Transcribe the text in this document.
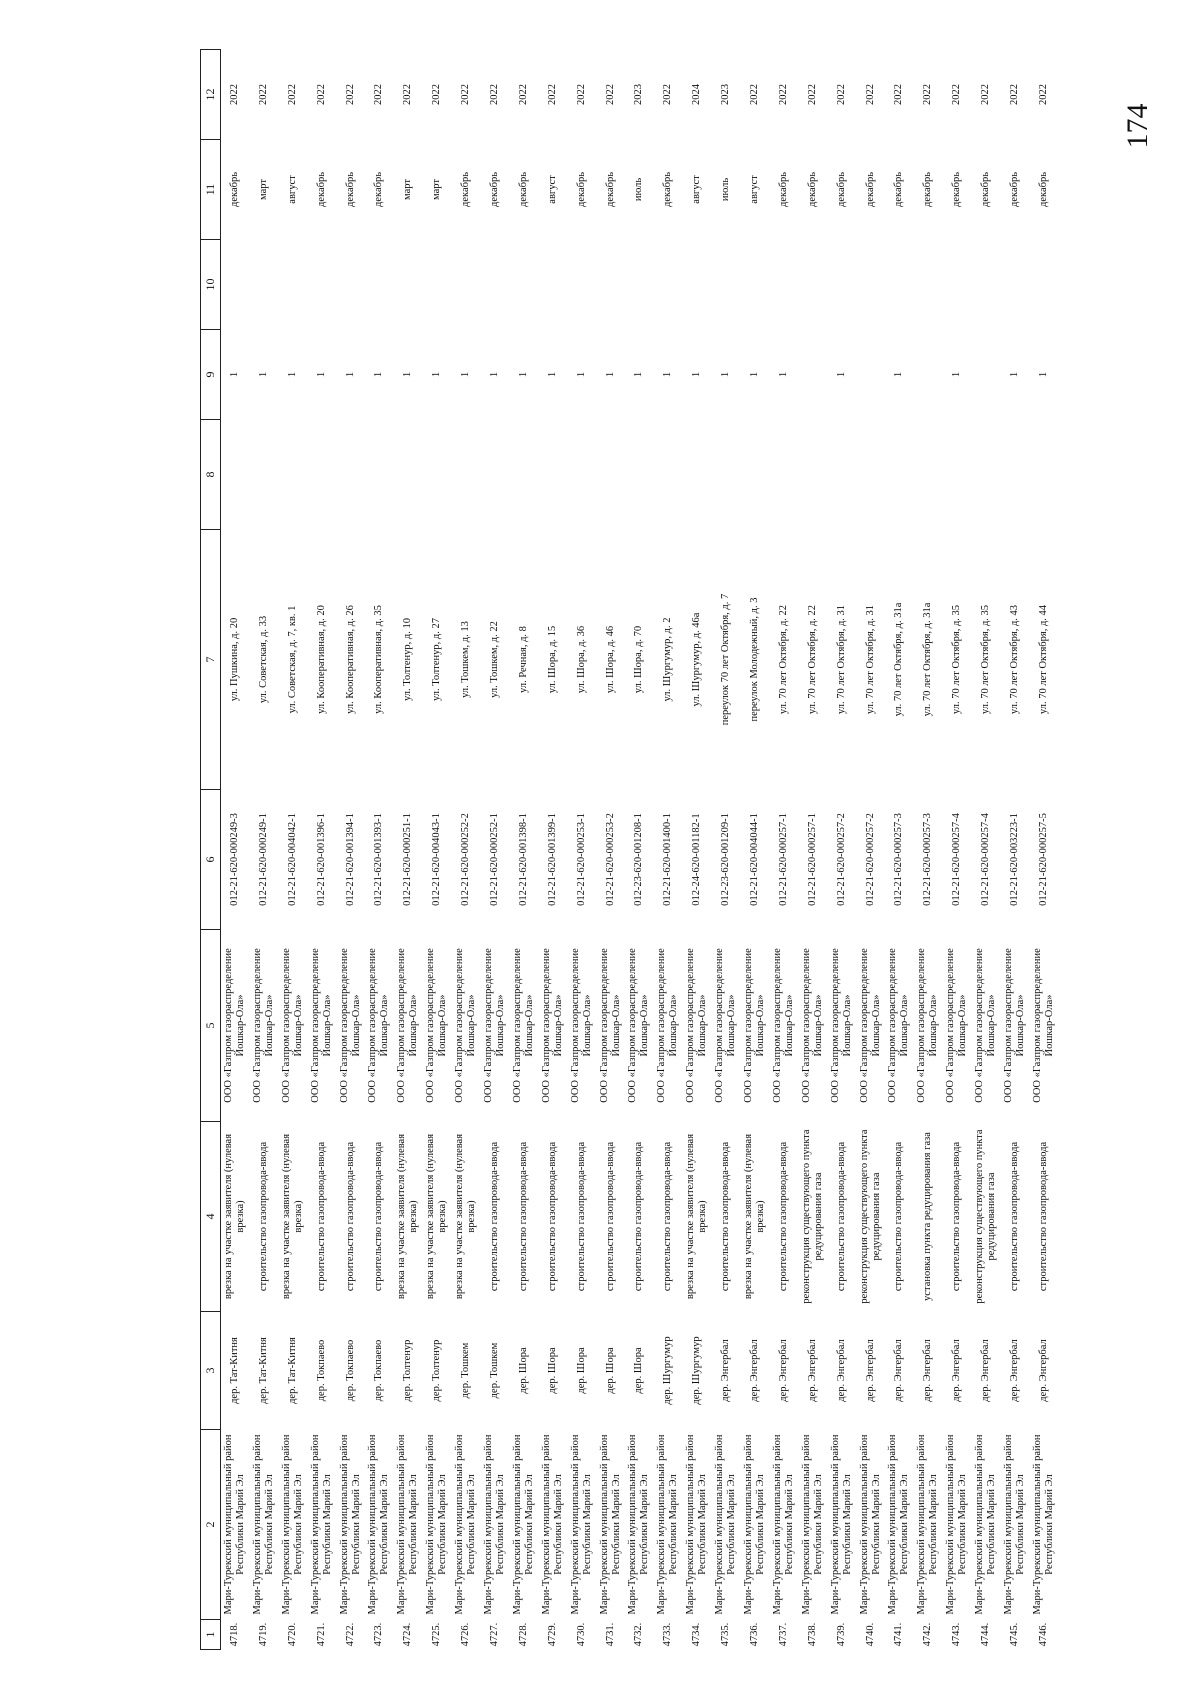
174
1	2	3	4	5	6	7	8	9	10	11	12
4718.	Мари-Турекский муниципальный район Республики Марий Эл	дер. Тат-Китня	врезка на участке заявителя (нулевая врезка)	ООО «Газпром газораспределение Йошкар-Ола»	012-21-620-000249-3	ул. Пушкина, д. 20		1		декабрь	2022
4719.	Мари-Турекский муниципальный район Республики Марий Эл	дер. Тат-Китня	строительство газопровода-ввода	ООО «Газпром газораспределение Йошкар-Ола»	012-21-620-000249-1	ул. Советская, д. 33		1		март	2022
4720.	Мари-Турекский муниципальный район Республики Марий Эл	дер. Тат-Китня	врезка на участке заявителя (нулевая врезка)	ООО «Газпром газораспределение Йошкар-Ола»	012-21-620-004042-1	ул. Советская, д. 7, кв. 1		1		август	2022
4721.	Мари-Турекский муниципальный район Республики Марий Эл	дер. Токпаево	строительство газопровода-ввода	ООО «Газпром газораспределение Йошкар-Ола»	012-21-620-001396-1	ул. Кооперативная, д. 20		1		декабрь	2022
4722.	Мари-Турекский муниципальный район Республики Марий Эл	дер. Токпаево	строительство газопровода-ввода	ООО «Газпром газораспределение Йошкар-Ола»	012-21-620-001394-1	ул. Кооперативная, д. 26		1		декабрь	2022
4723.	Мари-Турекский муниципальный район Республики Марий Эл	дер. Токпаево	строительство газопровода-ввода	ООО «Газпром газораспределение Йошкар-Ола»	012-21-620-001393-1	ул. Кооперативная, д. 35		1		декабрь	2022
4724.	Мари-Турекский муниципальный район Республики Марий Эл	дер. Толтенур	врезка на участке заявителя (нулевая врезка)	ООО «Газпром газораспределение Йошкар-Ола»	012-21-620-000251-1	ул. Толтенур, д. 10		1		март	2022
4725.	Мари-Турекский муниципальный район Республики Марий Эл	дер. Толтенур	врезка на участке заявителя (нулевая врезка)	ООО «Газпром газораспределение Йошкар-Ола»	012-21-620-004043-1	ул. Толтенур, д. 27		1		март	2022
4726.	Мари-Турекский муниципальный район Республики Марий Эл	дер. Тошкем	врезка на участке заявителя (нулевая врезка)	ООО «Газпром газораспределение Йошкар-Ола»	012-21-620-000252-2	ул. Тошкем, д. 13		1		декабрь	2022
4727.	Мари-Турекский муниципальный район Республики Марий Эл	дер. Тошкем	строительство газопровода-ввода	ООО «Газпром газораспределение Йошкар-Ола»	012-21-620-000252-1	ул. Тошкем, д. 22		1		декабрь	2022
4728.	Мари-Турекский муниципальный район Республики Марий Эл	дер. Шора	строительство газопровода-ввода	ООО «Газпром газораспределение Йошкар-Ола»	012-21-620-001398-1	ул. Речная, д. 8		1		декабрь	2022
4729.	Мари-Турекский муниципальный район Республики Марий Эл	дер. Шора	строительство газопровода-ввода	ООО «Газпром газораспределение Йошкар-Ола»	012-21-620-001399-1	ул. Шора, д. 15		1		август	2022
4730.	Мари-Турекский муниципальный район Республики Марий Эл	дер. Шора	строительство газопровода-ввода	ООО «Газпром газораспределение Йошкар-Ола»	012-21-620-000253-1	ул. Шора, д. 36		1		декабрь	2022
4731.	Мари-Турекский муниципальный район Республики Марий Эл	дер. Шора	строительство газопровода-ввода	ООО «Газпром газораспределение Йошкар-Ола»	012-21-620-000253-2	ул. Шора, д. 46		1		декабрь	2022
4732.	Мари-Турекский муниципальный район Республики Марий Эл	дер. Шора	строительство газопровода-ввода	ООО «Газпром газораспределение Йошкар-Ола»	012-23-620-001208-1	ул. Шора, д. 70		1		июль	2023
4733.	Мари-Турекский муниципальный район Республики Марий Эл	дер. Шургумур	строительство газопровода-ввода	ООО «Газпром газораспределение Йошкар-Ола»	012-21-620-001400-1	ул. Шургумур, д. 2		1		декабрь	2022
4734.	Мари-Турекский муниципальный район Республики Марий Эл	дер. Шургумур	врезка на участке заявителя (нулевая врезка)	ООО «Газпром газораспределение Йошкар-Ола»	012-24-620-001182-1	ул. Шургумур, д. 46а		1		август	2024
4735.	Мари-Турекский муниципальный район Республики Марий Эл	дер. Энгербал	строительство газопровода-ввода	ООО «Газпром газораспределение Йошкар-Ола»	012-23-620-001209-1	переулок 70 лет Октября, д. 7		1		июль	2023
4736.	Мари-Турекский муниципальный район Республики Марий Эл	дер. Энгербал	врезка на участке заявителя (нулевая врезка)	ООО «Газпром газораспределение Йошкар-Ола»	012-21-620-004044-1	переулок Молодежный, д. 3		1		август	2022
4737.	Мари-Турекский муниципальный район Республики Марий Эл	дер. Энгербал	строительство газопровода-ввода	ООО «Газпром газораспределение Йошкар-Ола»	012-21-620-000257-1	ул. 70 лет Октября, д. 22		1		декабрь	2022
4738.	Мари-Турекский муниципальный район Республики Марий Эл	дер. Энгербал	реконструкция существующего пункта редуцирования газа	ООО «Газпром газораспределение Йошкар-Ола»	012-21-620-000257-1	ул. 70 лет Октября, д. 22				декабрь	2022
4739.	Мари-Турекский муниципальный район Республики Марий Эл	дер. Энгербал	строительство газопровода-ввода	ООО «Газпром газораспределение Йошкар-Ола»	012-21-620-000257-2	ул. 70 лет Октября, д. 31		1		декабрь	2022
4740.	Мари-Турекский муниципальный район Республики Марий Эл	дер. Энгербал	реконструкция существующего пункта редуцирования газа	ООО «Газпром газораспределение Йошкар-Ола»	012-21-620-000257-2	ул. 70 лет Октября, д. 31				декабрь	2022
4741.	Мари-Турекский муниципальный район Республики Марий Эл	дер. Энгербал	строительство газопровода-ввода	ООО «Газпром газораспределение Йошкар-Ола»	012-21-620-000257-3	ул. 70 лет Октября, д. 31а		1		декабрь	2022
4742.	Мари-Турекский муниципальный район Республики Марий Эл	дер. Энгербал	установка пункта редуцирования газа	ООО «Газпром газораспределение Йошкар-Ола»	012-21-620-000257-3	ул. 70 лет Октября, д. 31а				декабрь	2022
4743.	Мари-Турекский муниципальный район Республики Марий Эл	дер. Энгербал	строительство газопровода-ввода	ООО «Газпром газораспределение Йошкар-Ола»	012-21-620-000257-4	ул. 70 лет Октября, д. 35		1		декабрь	2022
4744.	Мари-Турекский муниципальный район Республики Марий Эл	дер. Энгербал	реконструкция существующего пункта редуцирования газа	ООО «Газпром газораспределение Йошкар-Ола»	012-21-620-000257-4	ул. 70 лет Октября, д. 35				декабрь	2022
4745.	Мари-Турекский муниципальный район Республики Марий Эл	дер. Энгербал	строительство газопровода-ввода	ООО «Газпром газораспределение Йошкар-Ола»	012-21-620-003223-1	ул. 70 лет Октября, д. 43		1		декабрь	2022
4746.	Мари-Турекский муниципальный район Республики Марий Эл	дер. Энгербал	строительство газопровода-ввода	ООО «Газпром газораспределение Йошкар-Ола»	012-21-620-000257-5	ул. 70 лет Октября, д. 44		1		декабрь	2022
